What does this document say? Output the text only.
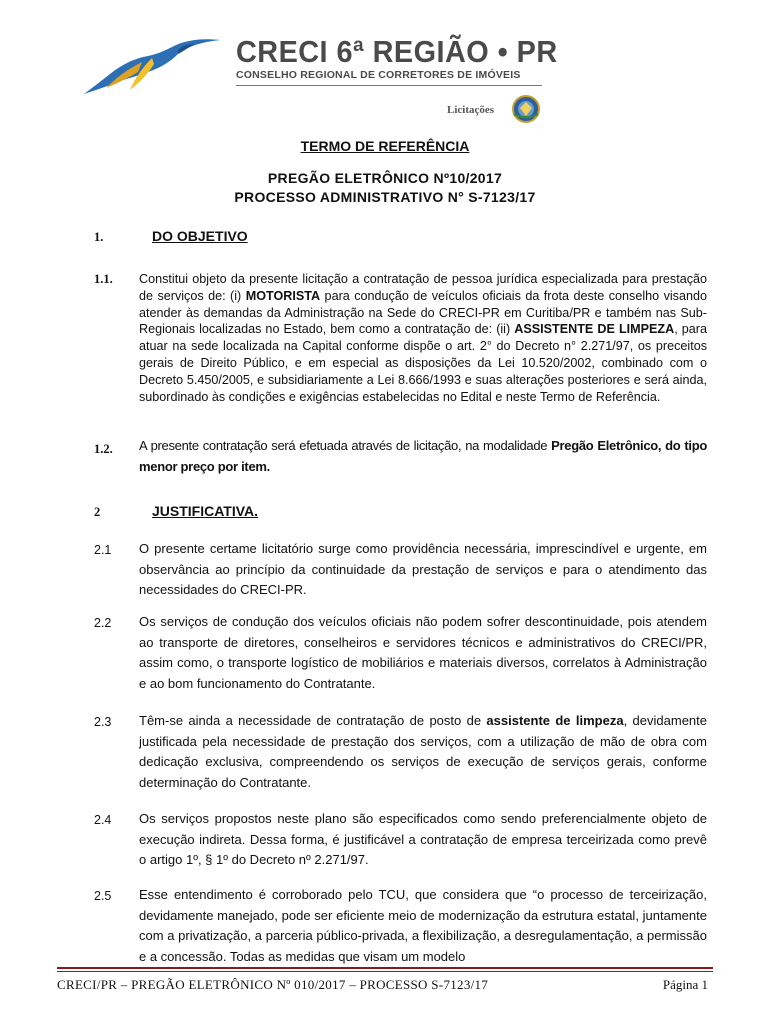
CRECI 6ª REGIÃO • PR
CONSELHO REGIONAL DE CORRETORES DE IMÓVEIS
Licitações
TERMO DE REFERÊNCIA
PREGÃO ELETRÔNICO Nº10/2017
PROCESSO ADMINISTRATIVO N° S-7123/17
1.	DO OBJETIVO
1.1. Constitui objeto da presente licitação a contratação de pessoa jurídica especializada para prestação de serviços de: (i) MOTORISTA para condução de veículos oficiais da frota deste conselho visando atender às demandas da Administração na Sede do CRECI-PR em Curitiba/PR e também nas Sub-Regionais localizadas no Estado, bem como a contratação de: (ii) ASSISTENTE DE LIMPEZA, para atuar na sede localizada na Capital conforme dispõe o art. 2° do Decreto n° 2.271/97, os preceitos gerais de Direito Público, e em especial as disposições da Lei 10.520/2002, combinado com o Decreto 5.450/2005, e subsidiariamente a Lei 8.666/1993 e suas alterações posteriores e será ainda, subordinado às condições e exigências estabelecidas no Edital e neste Termo de Referência.
1.2. A presente contratação será efetuada através de licitação, na modalidade Pregão Eletrônico, do tipo menor preço por item.
2	JUSTIFICATIVA.
2.1 O presente certame licitatório surge como providência necessária, imprescindível e urgente, em observância ao princípio da continuidade da prestação de serviços e para o atendimento das necessidades do CRECI-PR.
2.2 Os serviços de condução dos veículos oficiais não podem sofrer descontinuidade, pois atendem ao transporte de diretores, conselheiros e servidores técnicos e administrativos do CRECI/PR, assim como, o transporte logístico de mobiliários e materiais diversos, correlatos à Administração e ao bom funcionamento do Contratante.
2.3 Têm-se ainda a necessidade de contratação de posto de assistente de limpeza, devidamente justificada pela necessidade de prestação dos serviços, com a utilização de mão de obra com dedicação exclusiva, compreendendo os serviços de execução de serviços gerais, conforme determinação do Contratante.
2.4 Os serviços propostos neste plano são especificados como sendo preferencialmente objeto de execução indireta. Dessa forma, é justificável a contratação de empresa terceirizada como prevê o artigo 1º, § 1º do Decreto nº 2.271/97.
2.5 Esse entendimento é corroborado pelo TCU, que considera que “o processo de terceirização, devidamente manejado, pode ser eficiente meio de modernização da estrutura estatal, juntamente com a privatização, a parceria público-privada, a flexibilização, a desregulamentação, a permissão e a concessão. Todas as medidas que visam um modelo
CRECI/PR – PREGÃO ELETRÔNICO Nº 010/2017 – PROCESSO S-7123/17	Página 1
